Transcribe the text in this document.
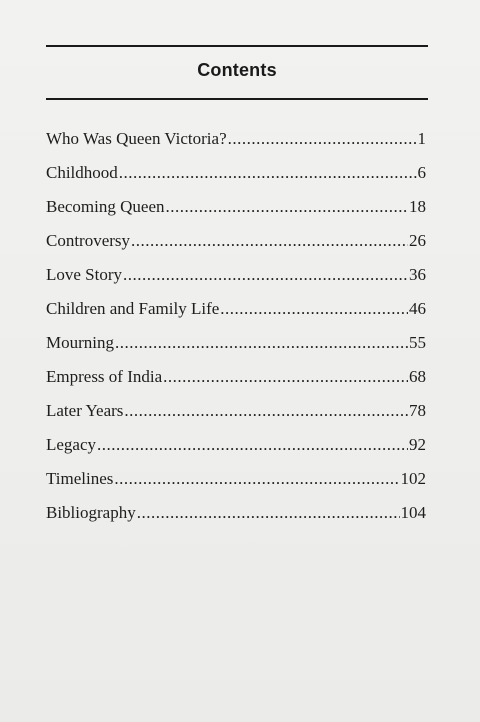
Contents
Who Was Queen Victoria? .....	1
Childhood .....	6
Becoming Queen .....	18
Controversy .....	26
Love Story .....	36
Children and Family Life .....	46
Mourning .....	55
Empress of India .....	68
Later Years .....	78
Legacy .....	92
Timelines .....	102
Bibliography .....	104
